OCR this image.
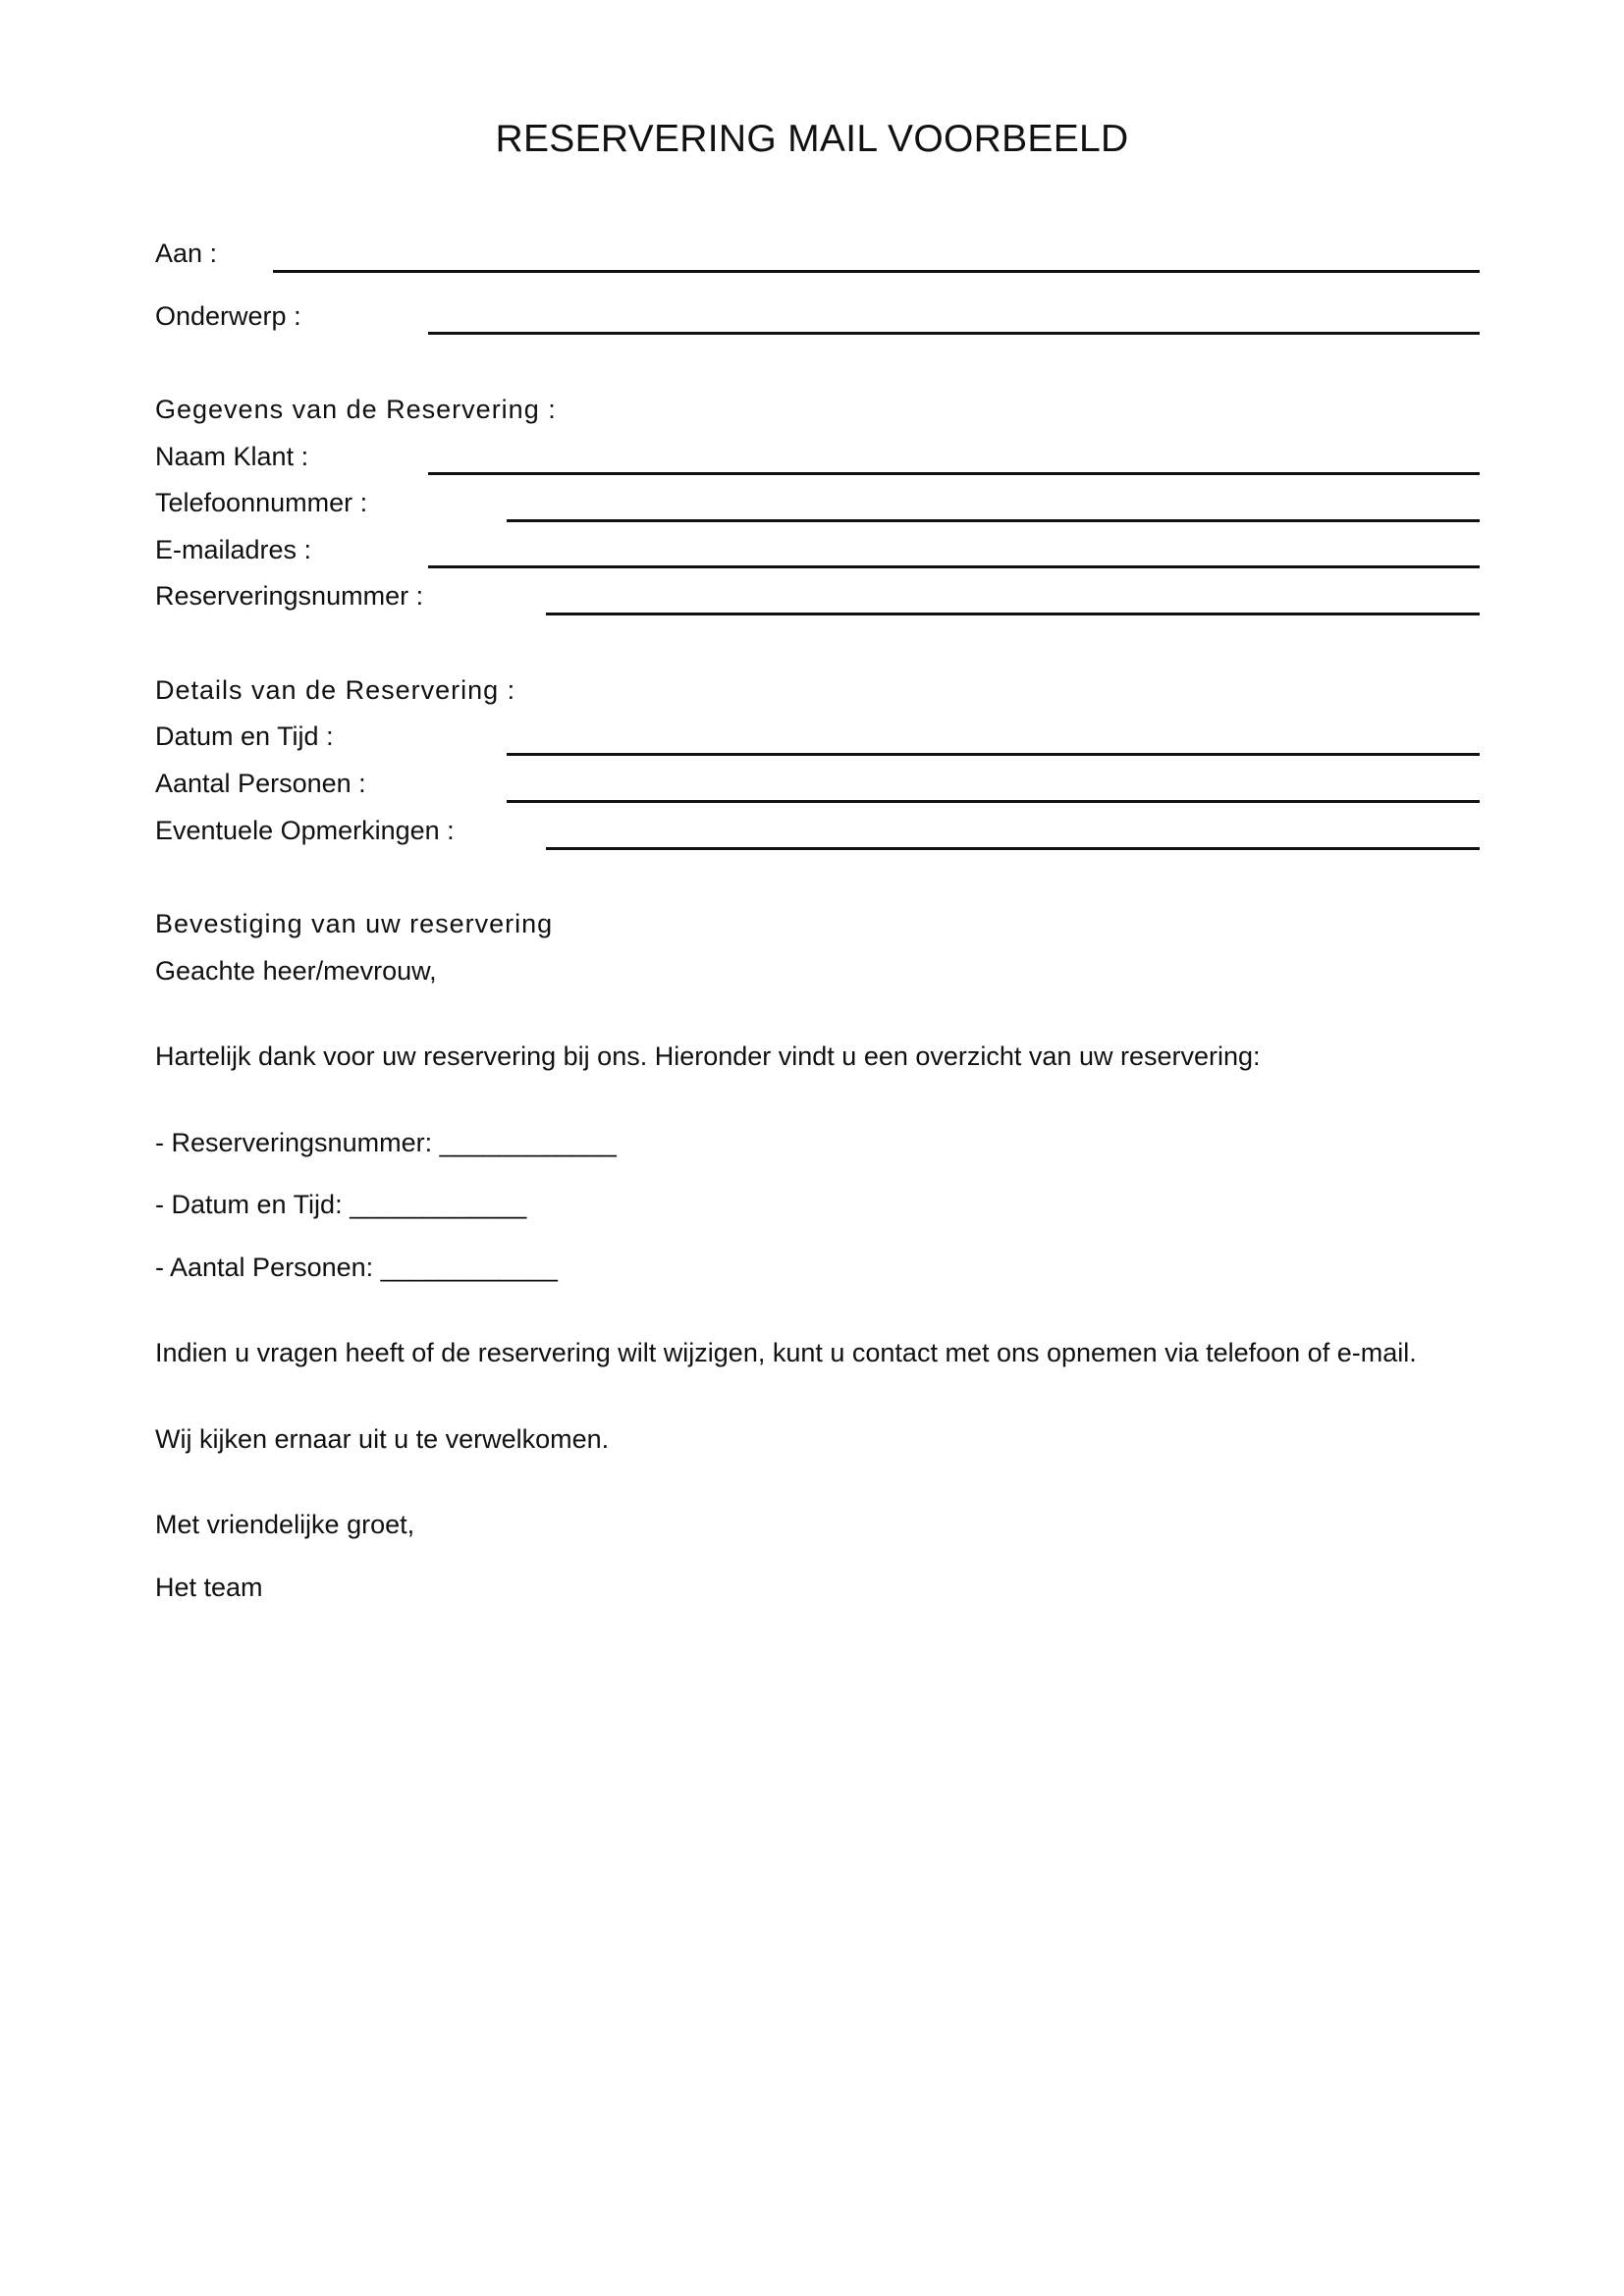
RESERVERING MAIL VOORBEELD
Aan :
Onderwerp :
Gegevens van de Reservering :
Naam Klant :
Telefoonnummer :
E-mailadres :
Reserveringsnummer :
Details van de Reservering :
Datum en Tijd :
Aantal Personen :
Eventuele Opmerkingen :
Bevestiging van uw reservering
Geachte heer/mevrouw,
Hartelijk dank voor uw reservering bij ons. Hieronder vindt u een overzicht van uw reservering:
- Reserveringsnummer: ____________
- Datum en Tijd: ____________
- Aantal Personen: ____________
Indien u vragen heeft of de reservering wilt wijzigen, kunt u contact met ons opnemen via telefoon of e-mail.
Wij kijken ernaar uit u te verwelkomen.
Met vriendelijke groet,
Het team
